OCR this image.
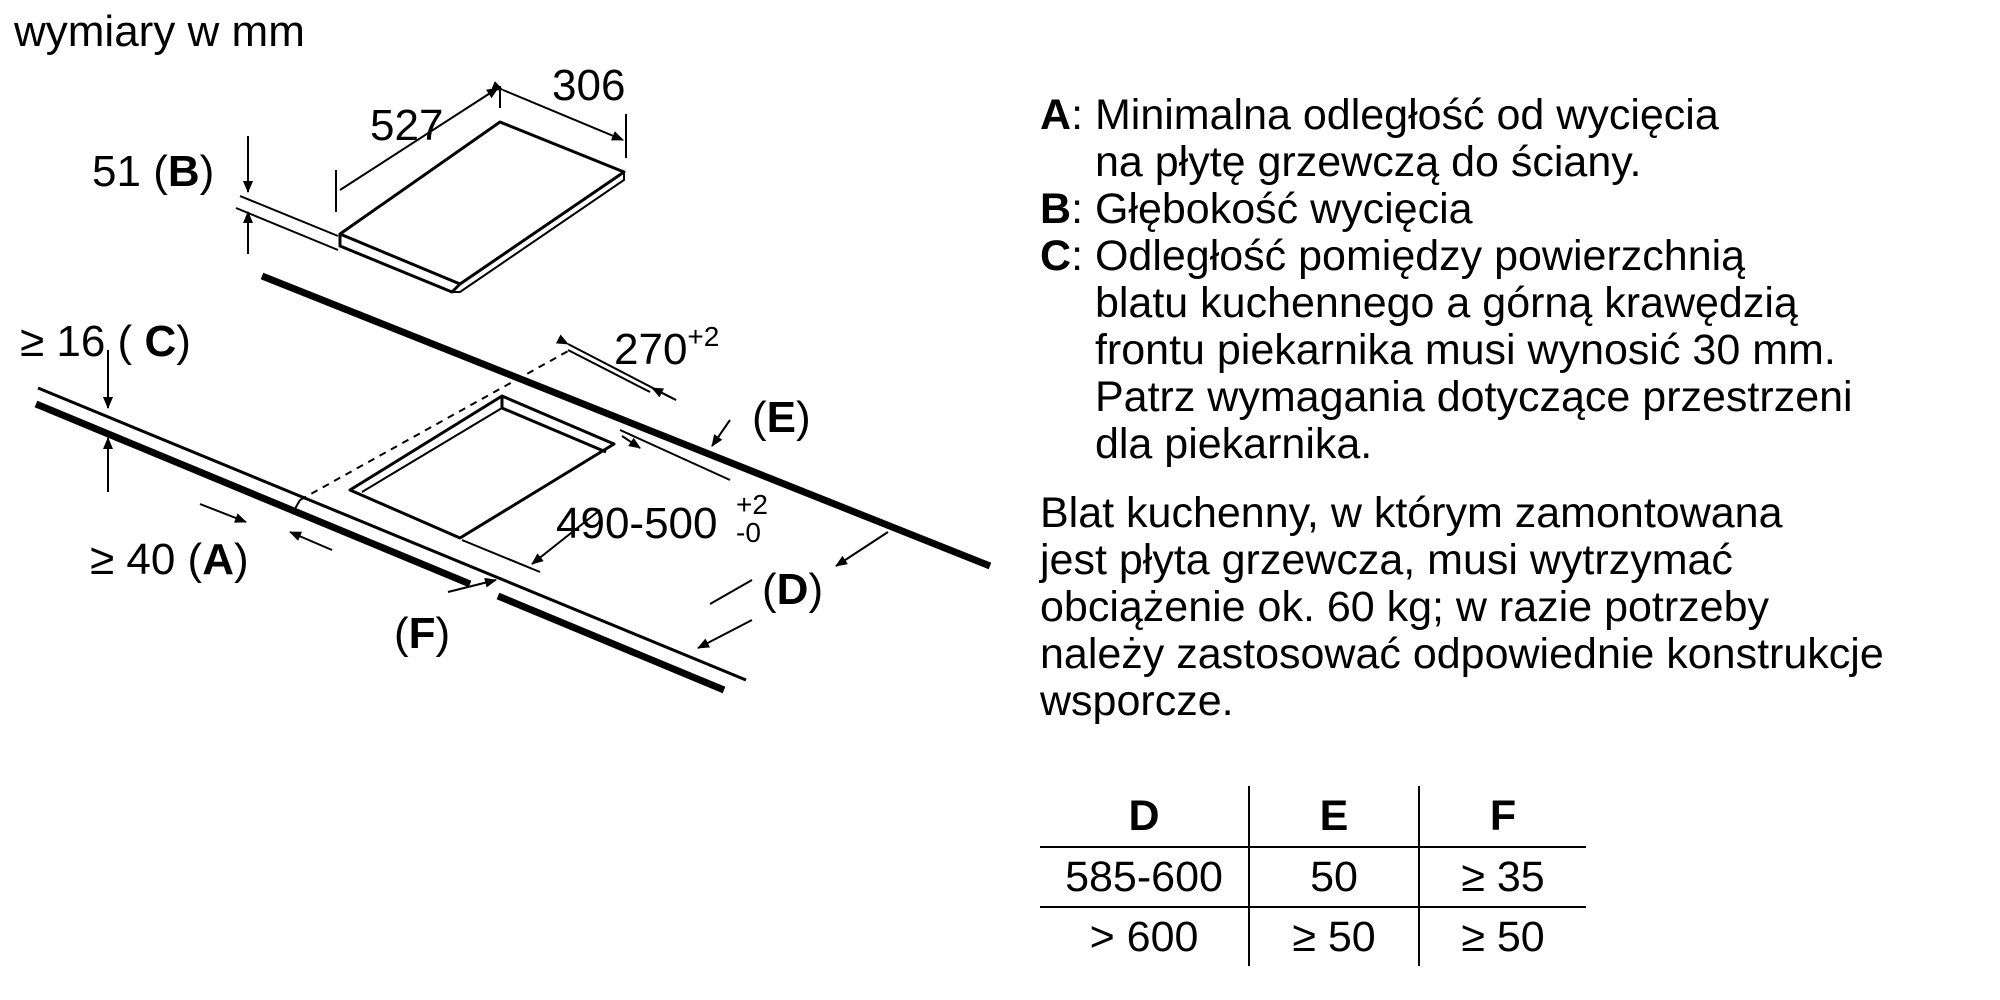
wymiary w mm
306
527
51 (B)
≥ 16 ( C)	$270^{+2}$
(E)
490-500 +2 -0
≥ 40 (A)
(D)
(F)
A : Minimalna odległość od wycięcia
na płytę grzewczą do ściany.
B : Głębokość wycięcia
C : Odległość pomiędzy powierzchnią
blatu kuchennego a górną krawędzią
frontu piekarnika musi wynosić 30 mm.
Patrz wymagania dotyczące przestrzeni
dla piekarnika.
Blat kuchenny, w którym zamontowana
jest płyta grzewcza, musi wytrzymać
obciążenie ok. 60 kg; w razie potrzeby
należy zastosować odpowiednie konstrukcje
wsporcze.
D	E	F
585-600	50	≥ 35
> 600	≥ 50	≥ 50
